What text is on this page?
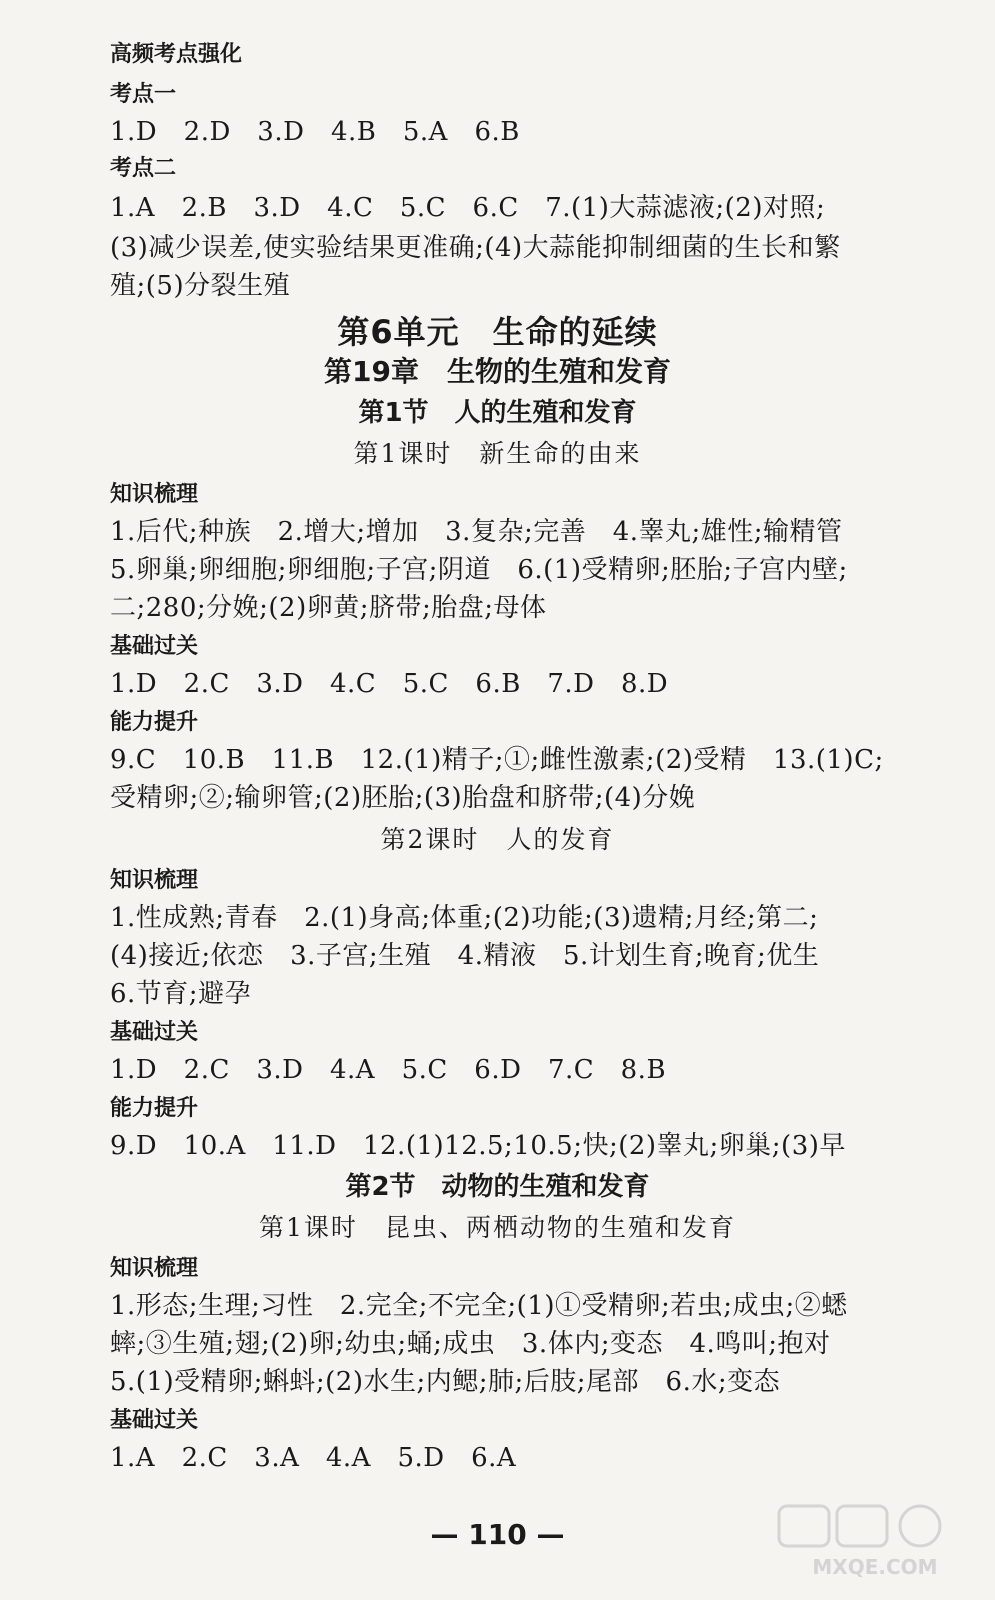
高频考点强化
考点一
1.D　2.D　3.D　4.B　5.A　6.B
考点二
1.A　2.B　3.D　4.C　5.C　6.C　7.(1)大蒜滤液;(2)对照;
(3)减少误差,使实验结果更准确;(4)大蒜能抑制细菌的生长和繁
殖;(5)分裂生殖
第6单元　生命的延续
第19章　生物的生殖和发育
第1节　人的生殖和发育
第1课时　新生命的由来
知识梳理
1.后代;种族　2.增大;增加　3.复杂;完善　4.睾丸;雄性;输精管
5.卵巢;卵细胞;卵细胞;子宫;阴道　6.(1)受精卵;胚胎;子宫内壁;
二;280;分娩;(2)卵黄;脐带;胎盘;母体
基础过关
1.D　2.C　3.D　4.C　5.C　6.B　7.D　8.D
能力提升
9.C　10.B　11.B　12.(1)精子;①;雌性激素;(2)受精　13.(1)C;
受精卵;②;输卵管;(2)胚胎;(3)胎盘和脐带;(4)分娩
第2课时　人的发育
知识梳理
1.性成熟;青春　2.(1)身高;体重;(2)功能;(3)遗精;月经;第二;
(4)接近;依恋　3.子宫;生殖　4.精液　5.计划生育;晚育;优生
6.节育;避孕
基础过关
1.D　2.C　3.D　4.A　5.C　6.D　7.C　8.B
能力提升
9.D　10.A　11.D　12.(1)12.5;10.5;快;(2)睾丸;卵巢;(3)早
第2节　动物的生殖和发育
第1课时　昆虫、两栖动物的生殖和发育
知识梳理
1.形态;生理;习性　2.完全;不完全;(1)①受精卵;若虫;成虫;②蟋
蟀;③生殖;翅;(2)卵;幼虫;蛹;成虫　3.体内;变态　4.鸣叫;抱对
5.(1)受精卵;蝌蚪;(2)水生;内鳃;肺;后肢;尾部　6.水;变态
基础过关
1.A　2.C　3.A　4.A　5.D　6.A
— 110 —
MXQE.COM
